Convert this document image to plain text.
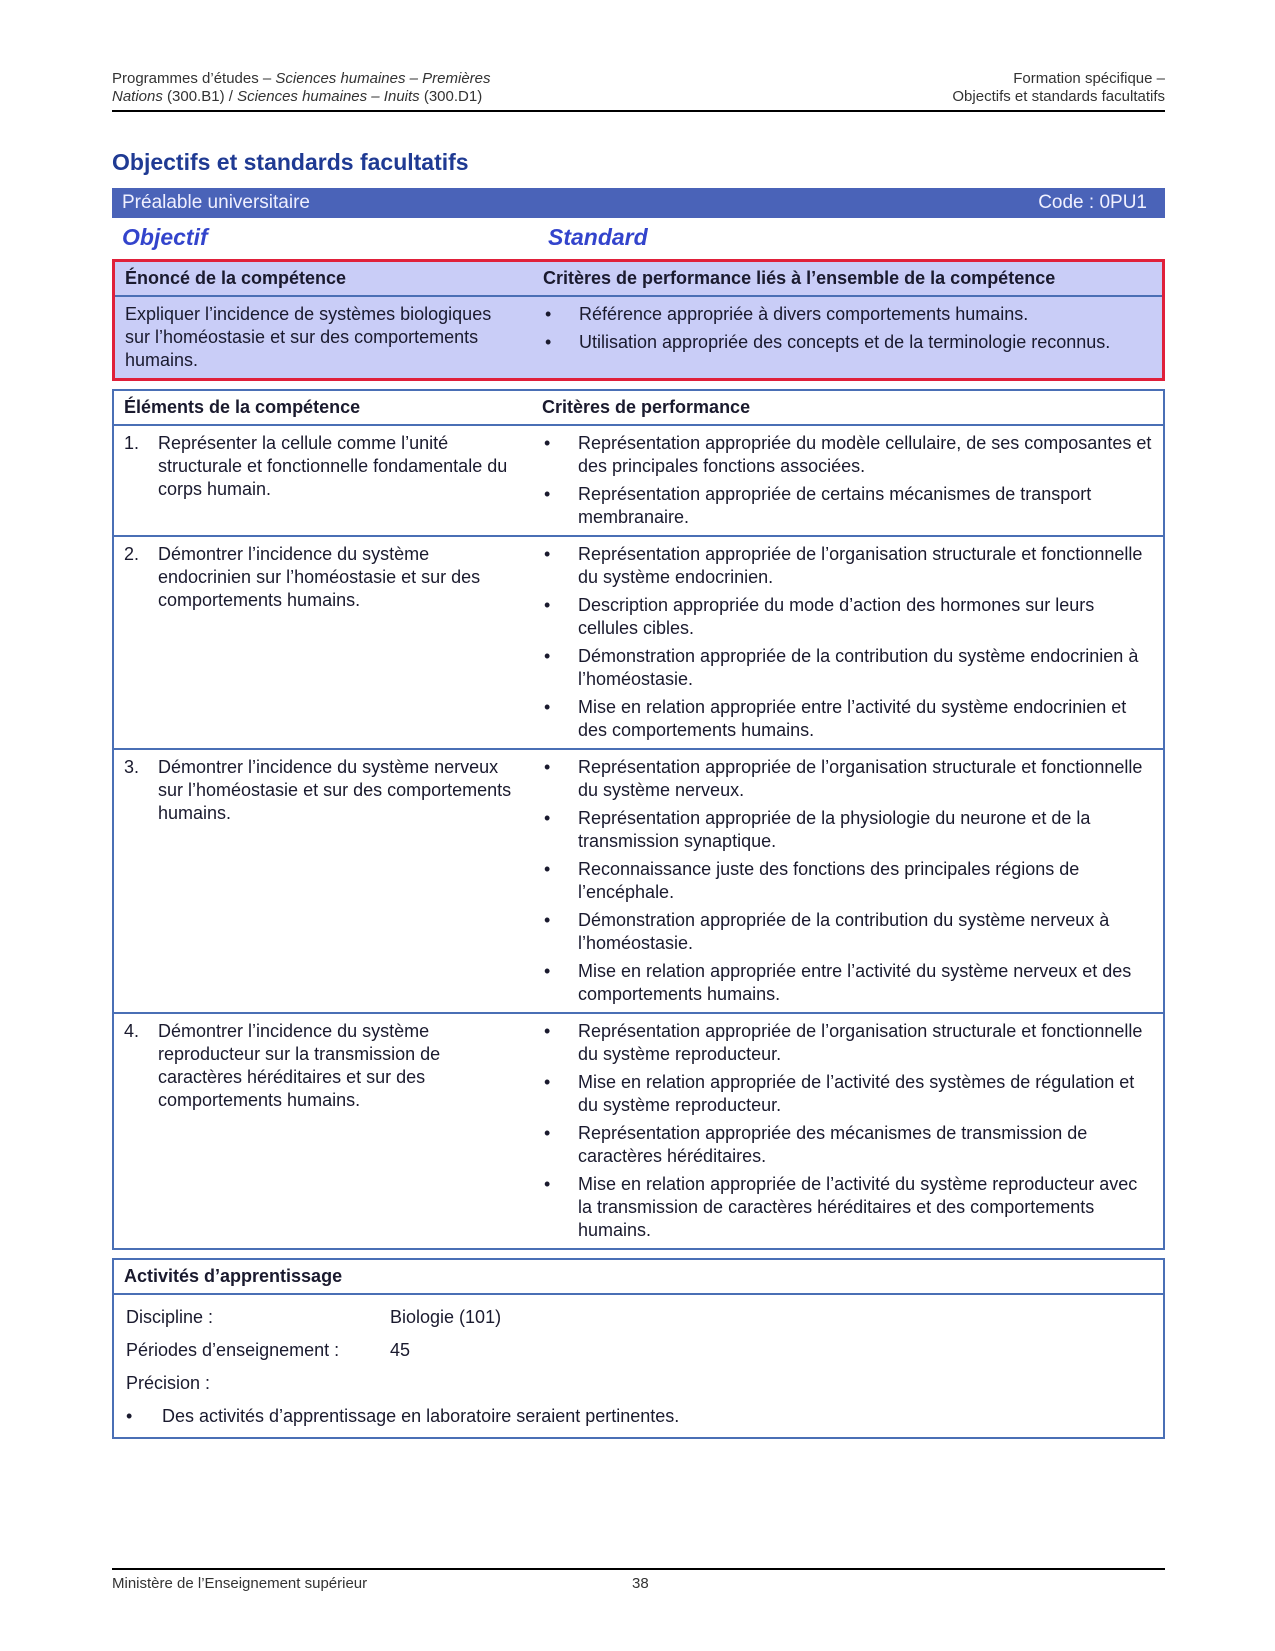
Programmes d’études – Sciences humaines – Premières
Nations (300.B1) / Sciences humaines – Inuits (300.D1)
Formation spécifique –
Objectifs et standards facultatifs
Objectifs et standards facultatifs
Préalable universitaire	Code : 0PU1
Objectif	Standard
Énoncé de la compétence	Critères de performance liés à l’ensemble de la compétence
Expliquer l’incidence de systèmes biologiques sur l’homéostasie et sur des comportements humains.
• Référence appropriée à divers comportements humains.
• Utilisation appropriée des concepts et de la terminologie reconnus.
Éléments de la compétence	Critères de performance
1.	Représenter la cellule comme l’unité structurale et fonctionnelle fondamentale du corps humain.
• Représentation appropriée du modèle cellulaire, de ses composantes et des principales fonctions associées.
• Représentation appropriée de certains mécanismes de transport membranaire.
2.	Démontrer l’incidence du système endocrinien sur l’homéostasie et sur des comportements humains.
• Représentation appropriée de l’organisation structurale et fonctionnelle du système endocrinien.
• Description appropriée du mode d’action des hormones sur leurs cellules cibles.
• Démonstration appropriée de la contribution du système endocrinien à l’homéostasie.
• Mise en relation appropriée entre l’activité du système endocrinien et des comportements humains.
3.	Démontrer l’incidence du système nerveux sur l’homéostasie et sur des comportements humains.
• Représentation appropriée de l’organisation structurale et fonctionnelle du système nerveux.
• Représentation appropriée de la physiologie du neurone et de la transmission synaptique.
• Reconnaissance juste des fonctions des principales régions de l’encéphale.
• Démonstration appropriée de la contribution du système nerveux à l’homéostasie.
• Mise en relation appropriée entre l’activité du système nerveux et des comportements humains.
4.	Démontrer l’incidence du système reproducteur sur la transmission de caractères héréditaires et sur des comportements humains.
• Représentation appropriée de l’organisation structurale et fonctionnelle du système reproducteur.
• Mise en relation appropriée de l’activité des systèmes de régulation et du système reproducteur.
• Représentation appropriée des mécanismes de transmission de caractères héréditaires.
• Mise en relation appropriée de l’activité du système reproducteur avec la transmission de caractères héréditaires et des comportements humains.
Activités d’apprentissage
Discipline :	Biologie (101)
Périodes d’enseignement :	45
Précision :
•	Des activités d’apprentissage en laboratoire seraient pertinentes.
Ministère de l’Enseignement supérieur	38
